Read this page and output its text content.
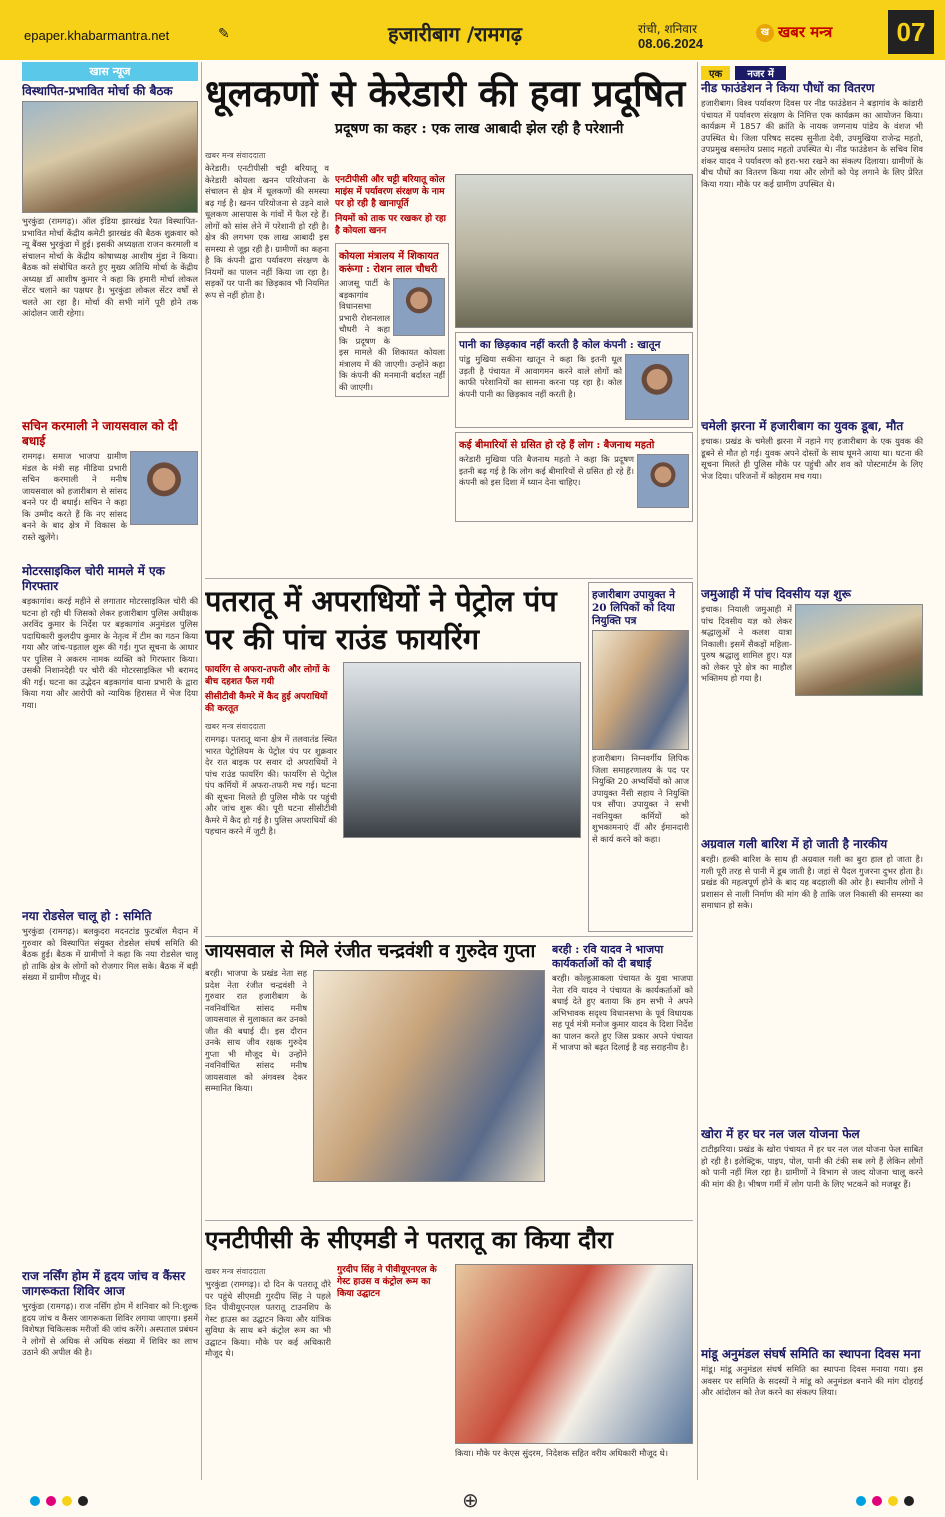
epaper.khabarmantra.net	✎	हजारीबाग /रामगढ़	रांची, शनिवार
08.06.2024
ख खबर मन्त्र	07
खास न्यूज
विस्थापित-प्रभावित मोर्चा की बैठक
भुरकुंडा (रामगढ़)। ऑल इंडिया झारखंड रैयत विस्थापित-प्रभावित मोर्चा केंद्रीय कमेटी झारखंड की बैठक शुक्रवार को न्यू बैंक्स भुरकुंडा में हुई। इसकी अध्यक्षता राजन करमाली व संचालन मोर्चा के केंद्रीय कोषाध्यक्ष आशीष मुंडा ने किया। बैठक को संबोधित करते हुए मुख्य अतिथि मोर्चा के केंद्रीय अध्यक्ष डॉ आशीष कुमार ने कहा कि हमारी मोर्चा लोकल सेंटर चलाने का पक्षधर है। भुरकुंडा लोकल सेंटर वर्षों से चलते आ रहा है। मोर्चा की सभी मांगें पूरी होने तक आंदोलन जारी रहेगा।
सचिन करमाली ने जायसवाल को दी बधाई
रामगढ़। समाज भाजपा ग्रामीण मंडल के मंत्री सह मीडिया प्रभारी सचिन करमाली ने मनीष जायसवाल को हजारीबाग से सांसद बनने पर दी बधाई। सचिन ने कहा कि उम्मीद करते हैं कि नए सांसद बनने के बाद क्षेत्र में विकास के रास्ते खुलेंगे।
मोटरसाइकिल चोरी मामले में एक गिरफ्तार
बड़कागांव। करई महीने से लगातार मोटरसाइकिल चोरी की घटना हो रही थी जिसको लेकर हजारीबाग पुलिस अधीक्षक अरविंद कुमार के निर्देश पर बड़कागांव अनुमंडल पुलिस पदाधिकारी कुलदीप कुमार के नेतृत्व में टीम का गठन किया गया और जांच-पड़ताल शुरू की गई। गुप्त सूचना के आधार पर पुलिस ने अकरम नामक व्यक्ति को गिरफ्तार किया। उसकी निशानदेही पर चोरी की मोटरसाइकिल भी बरामद की गई। घटना का उद्भेदन बड़कागांव थाना प्रभारी के द्वारा किया गया और आरोपी को न्यायिक हिरासत में भेज दिया गया।
नया रोडसेल चालू हो : समिति
भुरकुंडा (रामगढ़)। बलकुदरा मदनटांड फुटबॉल मैदान में गुरुवार को विस्थापित संयुक्त रोडसेल संघर्ष समिति की बैठक हुई। बैठक में ग्रामीणों ने कहा कि नया रोडसेल चालू हो ताकि क्षेत्र के लोगों को रोजगार मिल सके। बैठक में बड़ी संख्या में ग्रामीण मौजूद थे।
राज नर्सिंग होम में हृदय जांच व कैंसर जागरूकता शिविर आज
भुरकुंडा (रामगढ़)। राज नर्सिंग होम में शनिवार को नि:शुल्क हृदय जांच व कैंसर जागरूकता शिविर लगाया जाएगा। इसमें विशेषज्ञ चिकित्सक मरीजों की जांच करेंगे। अस्पताल प्रबंधन ने लोगों से अधिक से अधिक संख्या में शिविर का लाभ उठाने की अपील की है।
धूलकणों से केरेडारी की हवा प्रदूषित
प्रदूषण का कहर : एक लाख आबादी झेल रही है परेशानी
खबर मन्त्र संवाददाता
केरेडारी। एनटीपीसी चट्टी बरियातू व केरेडारी कोयला खनन परियोजना के संचालन से क्षेत्र में धूलकणों की समस्या बढ़ गई है। खनन परियोजना से उड़ने वाले धूलकण आसपास के गांवों में फैल रहे हैं। लोगों को सांस लेने में परेशानी हो रही है। क्षेत्र की लगभग एक लाख आबादी इस समस्या से जूझ रही है। ग्रामीणों का कहना है कि कंपनी द्वारा पर्यावरण संरक्षण के नियमों का पालन नहीं किया जा रहा है। सड़कों पर पानी का छिड़काव भी नियमित रूप से नहीं होता है।
एनटीपीसी और चट्टी बरियातू कोल माइंस में पर्यावरण संरक्षण के नाम पर हो रही है खानापूर्ति
नियमों को ताक पर रखकर हो रहा है कोयला खनन
कोयला मंत्रालय में शिकायत करूंगा : रोशन लाल चौधरी
आजसू पार्टी के बड़कागांव विधानसभा प्रभारी रोशनलाल चौधरी ने कहा कि प्रदूषण के इस मामले की शिकायत कोयला मंत्रालय में की जाएगी। उन्होंने कहा कि कंपनी की मनमानी बर्दाश्त नहीं की जाएगी।
पानी का छिड़काव नहीं करती है कोल कंपनी : खातून
पांडु मुखिया सकीना खातून ने कहा कि इतनी धूल उड़ती है पंचायत में आवागमन करने वाले लोगों को काफी परेशानियों का सामना करना पड़ रहा है। कोल कंपनी पानी का छिड़काव नहीं करती है।
कई बीमारियों से ग्रसित हो रहे हैं लोग : बैजनाथ महतो
करेडारी मुखिया पति बैजनाथ महतो ने कहा कि प्रदूषण इतनी बढ़ गई है कि लोग कई बीमारियों से ग्रसित हो रहे हैं। कंपनी को इस दिशा में ध्यान देना चाहिए।
पतरातू में अपराधियों ने पेट्रोल पंप पर की पांच राउंड फायरिंग
फायरिंग से अफरा-तफरी और लोगों के बीच दहशत फैल गयी
सीसीटीवी कैमरे में कैद हुई अपराधियों की करतूत
खबर मन्त्र संवाददाता
रामगढ़। पतरातू थाना क्षेत्र में तलवातंड स्थित भारत पेट्रोलियम के पेट्रोल पंप पर शुक्रवार देर रात बाइक पर सवार दो अपराधियों ने पांच राउंड फायरिंग की। फायरिंग से पेट्रोल पंप कर्मियों में अफरा-तफरी मच गई। घटना की सूचना मिलते ही पुलिस मौके पर पहुंची और जांच शुरू की। पूरी घटना सीसीटीवी कैमरे में कैद हो गई है। पुलिस अपराधियों की पहचान करने में जुटी है।
हजारीबाग उपायुक्त ने 20 लिपिकों को दिया नियुक्ति पत्र
हजारीबाग। निम्नवर्गीय लिपिक जिला समाहरणालय के पद पर नियुक्ति 20 अभ्यर्थियों को आज उपायुक्त नैंसी सहाय ने नियुक्ति पत्र सौंपा। उपायुक्त ने सभी नवनियुक्त कर्मियों को शुभकामनाएं दीं और ईमानदारी से कार्य करने को कहा।
जायसवाल से मिले रंजीत चन्द्रवंशी व गुरुदेव गुप्ता
बरही। भाजपा के प्रखंड नेता सह प्रदेश नेता रंजीत चन्द्रवंशी ने गुरुवार रात हजारीबाग के नवनिर्वाचित सांसद मनीष जायसवाल से मुलाकात कर उनको जीत की बधाई दी। इस दौरान उनके साथ जीव रक्षक गुरुदेव गुप्ता भी मौजूद थे। उन्होंने नवनिर्वाचित सांसद मनीष जायसवाल को अंगवस्त्र देकर सम्मानित किया।
बरही : रवि यादव ने भाजपा कार्यकर्ताओं को दी बधाई
बरही। कोल्हुआकला पंचायत के युवा भाजपा नेता रवि यादव ने पंचायत के कार्यकर्ताओं को बधाई देते हुए बताया कि हम सभी ने अपने अभिभावक सदृश्य विधानसभा के पूर्व विधायक सह पूर्व मंत्री मनोज कुमार यादव के दिशा निर्देश का पालन करते हुए जिस प्रकार अपने पंचायत में भाजपा को बढ़त दिलाई है वह सराहनीय है।
एनटीपीसी के सीएमडी ने पतरातू का किया दौरा
खबर मन्त्र संवाददाता
भुरकुंडा (रामगढ़)। दो दिन के पतरातू दौरे पर पहुंचे सीएमडी गुरदीप सिंह ने पहले दिन पीवीयूएनएल पतरातू टाउनशिप के गेस्ट हाउस का उद्घाटन किया और यांत्रिक सुविधा के साथ बने कंट्रोल रूम का भी उद्घाटन किया। मौके पर कई अधिकारी मौजूद थे।
गुरदीप सिंह ने पीवीयूएनएल के गेस्ट हाउस व कंट्रोल रूम का किया उद्घाटन
किया। मौके पर केएस सुंदरम, निदेशक सहित वरीय अधिकारी मौजूद थे।
एक	नजर में
नीड फाउंडेशन ने किया पौधों का वितरण
हजारीबाग। विश्व पर्यावरण दिवस पर नीड फाउंडेशन ने बड़ागांव के कांडारी पंचायत में पर्यावरण संरक्षण के निमित्त एक कार्यक्रम का आयोजन किया। कार्यक्रम में 1857 की क्रांति के नायक जग्गनाथ पांडेय के वंशज भी उपस्थित थे। जिला परिषद सदस्य सुनीता देवी, उपमुखिया राजेन्द्र महतो, उपप्रमुख बसमतेय प्रसाद महतो उपस्थित थे। नीड फाउंडेशन के सचिव शिव शंकर यादव ने पर्यावरण को हरा-भरा रखने का संकल्प दिलाया। ग्रामीणों के बीच पौधों का वितरण किया गया और लोगों को पेड़ लगाने के लिए प्रेरित किया गया। मौके पर कई ग्रामीण उपस्थित थे।
चमेली झरना में हजारीबाग का युवक डूबा, मौत
इचाक। प्रखंड के चमेली झरना में नहाने गए हजारीबाग के एक युवक की डूबने से मौत हो गई। युवक अपने दोस्तों के साथ घूमने आया था। घटना की सूचना मिलते ही पुलिस मौके पर पहुंची और शव को पोस्टमार्टम के लिए भेज दिया। परिजनों में कोहराम मच गया।
जमुआही में पांच दिवसीय यज्ञ शुरू
इचाक। नियाली जमुआही में पांच दिवसीय यज्ञ को लेकर श्रद्धालुओं ने कलश यात्रा निकाली। इसमें सैकड़ों महिला-पुरुष श्रद्धालु शामिल हुए। यज्ञ को लेकर पूरे क्षेत्र का माहौल भक्तिमय हो गया है।
अग्रवाल गली बारिश में हो जाती है नारकीय
बरही। हल्की बारिश के साथ ही अग्रवाल गली का बुरा हाल हो जाता है। गली पूरी तरह से पानी में डूब जाती है। जहां से पैदल गुजरना दुभर होता है। प्रखंड की महत्वपूर्ण होने के बाद यह बदहाली की ओर है। स्थानीय लोगों ने प्रशासन से नाली निर्माण की मांग की है ताकि जल निकासी की समस्या का समाधान हो सके।
खोरा में हर घर नल जल योजना फेल
टाटीझरिया। प्रखंड के खोरा पंचायत में हर घर नल जल योजना फेल साबित हो रही है। इलेक्ट्रिक, पाइप, पोल, पानी की टंकी सब लगे हैं लेकिन लोगों को पानी नहीं मिल रहा है। ग्रामीणों ने विभाग से जल्द योजना चालू करने की मांग की है। भीषण गर्मी में लोग पानी के लिए भटकने को मजबूर हैं।
मांडू अनुमंडल संघर्ष समिति का स्थापना दिवस मना
मांडू। मांडू अनुमंडल संघर्ष समिति का स्थापना दिवस मनाया गया। इस अवसर पर समिति के सदस्यों ने मांडू को अनुमंडल बनाने की मांग दोहराई और आंदोलन को तेज करने का संकल्प लिया।
⊕
